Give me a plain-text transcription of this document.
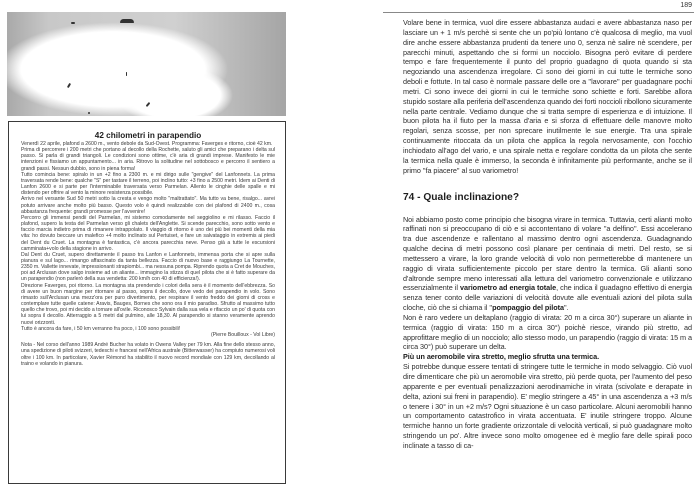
42 chilometri in parapendio

Venerdì 22 aprile, plafond a 2600 m., vento debole da Sud-Ovest. Programma: Faverges e ritorno, cioè 42 km.

Prima di percorrere i 200 metri che portano al decollo della Rochette, saluto gli amici che preparano i delta sul passo. Si parla di grandi triangoli. Le condizioni sono ottime, c'è aria di grandi imprese. Manifesto le mie intenzioni e fissiamo un appuntamento... in aria. Ritrovo la solitudine nel sottobosco e percorro il sentiero a grandi passi. Nessun dubbio, sono in piena forma!

Tutto comincia bene: spiralo in un +2 fino a 2300 m. e mi dirigo sulle "gengive" del Lanfonnets. La prima traversata rende bene: qualche "S" per tastare il terreno, poi inclino tutto: +3 fino a 2500 metri. Idem ai Denti di Lanfon 2600 e si parte per l'interminabile traversata verso Parmelan. Allento le cinghie delle spalle e mi distendo per offrire al vento la minore resistenza possibile.

Arrivo nel versante Sud 50 metri sotto la cresta e vengo molto "maltrattato". Ma tutto va bene, risalgo... avrei potuto arrivare anche molto più basso. Questo volo è quindi realizzabile con dei plafond di 2400 m., cosa abbastanza frequente: grandi promesse per l'avvenire!

Percorro gli immensi pendii del Parmelan, mi sistemo comodamente nel seggiolino e mi rilasso. Faccio il plafond, supero la testa del Parmelan verso gli chalets dell'Anglette. Si scende parecchio, sono sotto vento e faccio marcia indietro prima di rimanere intrappolato. Il viaggio di ritorno è uno dei più bei momenti della mia vita: ho dovuto beccare un malefico +4 molto inclinato sul Pertuiset, e fare un salvataggio in extremis ai piedi del Dent du Cruet. La montagna è fantastica, c'è ancora parecchia neve. Penso già a tutte le escursioni camminata+volo della stagione in arrivo.

Dal Dent du Cruet, supero direttamente il passo tra Lanfon e Lanfonnets, immensa porta che si apre sulla pianura e sul lago... rimango affascinato da tanta bellezza. Faccio di nuovo base e raggiungo La Tournette, 2350 m. Vallette innevate, impressionanti strapiombi... ma nessuna pompa. Riprendo quota a Cret de Mouches, poi ad Arclusan dove salgo insieme ad un aliante... immagino la stizza di quel pilota che si è fatto superare da un parapendio (non parlerò della sua vendetta: 200 km/h con 40 di efficienza!).

Direzione Faverges, poi ritorno. La montagna sta prendendo i colori della sera è il momento dell'ebbrezza. So di avere un buon margine per ritornare al passo, sopra il decollo, dove vedo dei parapendio in volo. Sono rimasto sull'Arclusan una mezz'ora per puro divertimento, per respirare il vento freddo dei giorni di cross e contemplare tutte quelle catene: Aravis, Bauges, Bornes che sono ora il mio paradiso. Sfrutto al massimo tutto quello che trovo, poi mi decido a tornare all'ovile. Riconosco Sylvain dalla sua vela e rifaccio un po' di quota con lui sopra il decollo. Atterraggio a 5 metri dal pulmino, alle 18,30. Al parapendio si stanno veramente aprendo nuovi orizzonti.

Tutto è ancora da fare, i 50 km verranno fra poco, i 100 sono possibili!

(Pierre Bouilloux - Vol Libre)

Nota - Nel corso dell'anno 1989 André Bucher ha volato in Owens Valley per 79 km. Alla fine dello stesso anno, una spedizione di piloti svizzeri, tedeschi e francesi nell'Africa australe (Bitterwasser) ha compiuto numerosi voli oltre i 100 km. In particolare, Xavier Rémond ha stabilito il nuovo record mondiale con 129 km, decollando al traino e volando in pianura.

189

Volare bene in termica, vuol dire essere abbastanza audaci e avere abbastanza naso per lasciare un + 1 m/s perchè si sente che un po'più lontano c'è qualcosa di meglio, ma vuol dire anche essere abbastanza prudenti da tenere uno 0, senza nè salire nè scendere, per parecchi minuti, aspettando che si formi un nocciolo. Bisogna però evitare di perdere tempo e fare frequentemente il punto del proprio guadagno di quota quando si sta negoziando una ascendenza irregolare. Ci sono dei giorni in cui tutte le termiche sono deboli e fottute. In tal caso è normale passare delle ore a ''lavorare'' per guadagnare pochi metri. Ci sono invece dei giorni in cui le termiche sono schiette e forti. Sarebbe allora stupido sostare alla periferia dell'ascendenza quando dei forti noccioli ribollono sicuramente nella parte centrale. Vediamo dunque che si tratta sempre di esperienza e di intuizione. Il buon pilota ha il fiuto per la massa d'aria e si sforza di effettuare delle manovre molto regolari, senza scosse, per non sprecare inutilmente le sue energie. Tra una spirale continuamente ritoccata da un pilota che applica la regola nervosamente, con l'occhio inchiodato all'ago del vario, e una spirale netta e regolare condotta da un pilota che sente la termica nella quale è immerso, la seconda è infinitamente più performante, anche se il primo ''fa piacere'' al suo variometro!

74 - Quale inclinazione?

Noi abbiamo posto come principio che bisogna virare in termica. Tuttavia, certi alianti molto raffinati non si preoccupano di ciò e si accontentano di volare ''a delfino''. Essi accelerano tra due ascendenze e rallentano al massimo dentro ogni ascendenza. Guadagnando qualche decina di metri possono così planare per centinaia di metri. Del resto, se si mettessero a virare, la loro grande velocità di volo non permetterebbe di mantenere un raggio di virata sufficientemente piccolo per stare dentro la termica. Gli alianti sono d'altronde sempre meno interessati alla lettura del variometro convenzionale e utilizzano essenzialmente il variometro ad energia totale, che indica il guadagno effettivo di energia senza tener conto delle variazioni di velocità dovute alle eventuali azioni del pilota sulla cloche, ciò che si chiama il ''pompaggio del pilota''.

Non è raro vedere un deltaplano (raggio di virata: 20 m a circa 30°) superare un aliante in termica (raggio di virata: 150 m a circa 30°) poichè riesce, virando più stretto, ad approfittare meglio di un nocciolo; allo stesso modo, un parapendio (raggio di virata: 15 m a circa 30°) può superare un delta.

Più un aeromobile vira stretto, meglio sfrutta una termica.

Si potrebbe dunque essere tentati di stringere tutte le termiche in modo selvaggio. Ciò vuol dire dimenticare che più un aeromobile vira stretto, più perde quota, per l'aumento del peso apparente e per eventuali penalizzazioni aerodinamiche in virata (scivolate e derapate in delta, azioni sui freni in parapendio). E' meglio stringere a 45° in una ascendenza a +3 m/s o tenere i 30° in un +2 m/s? Ogni situazione è un caso particolare. Alcuni aeromobili hanno un comportamento catastrofico in virata accentuata. E' inutile stringere troppo. Alcune termiche hanno un forte gradiente orizzontale di velocità verticali, si può guadagnare molto stringendo un po'. Altre invece sono molto omogenee ed è meglio fare delle spirali poco inclinate a tasso di ca-
